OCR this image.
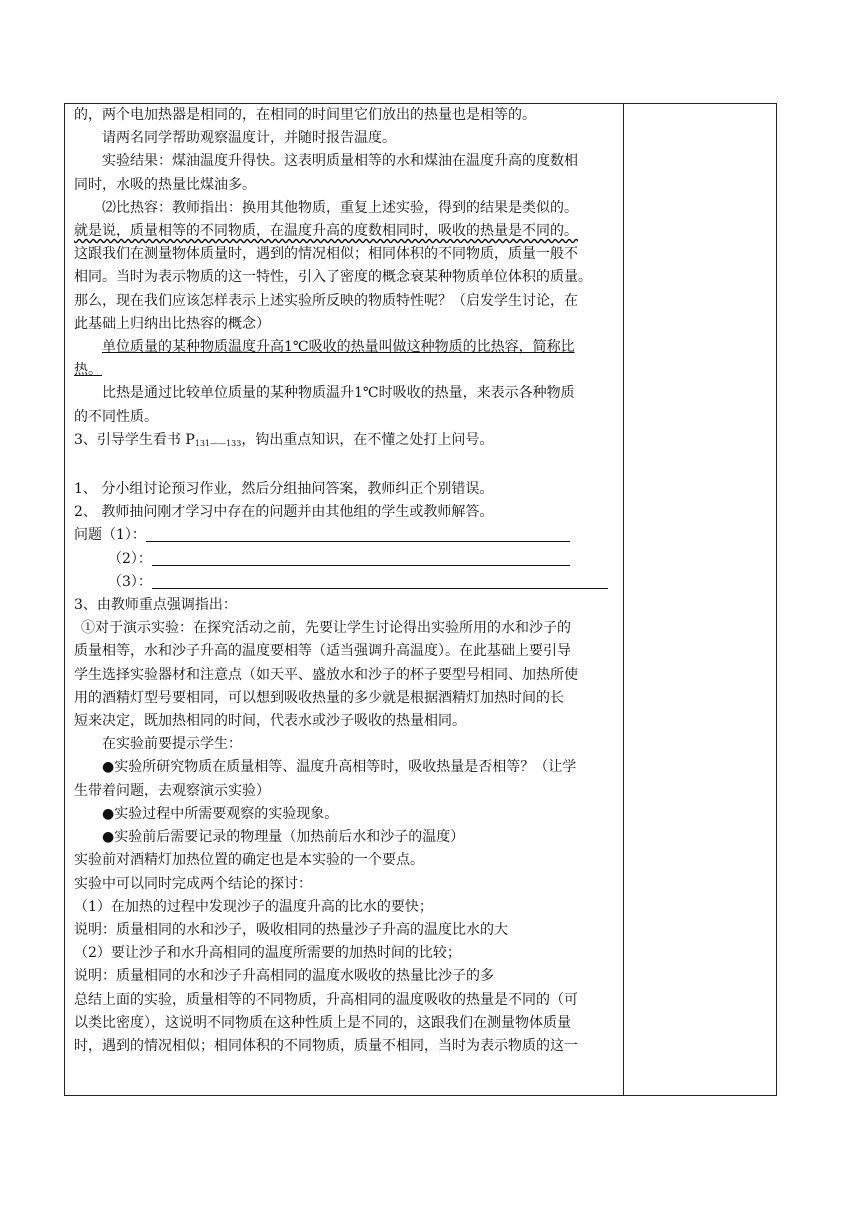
的，两个电加热器是相同的，在相同的时间里它们放出的热量也是相等的。

请两名同学帮助观察温度计，并随时报告温度。

实验结果：煤油温度升得快。这表明质量相等的水和煤油在温度升高的度数相

同时，水吸的热量比煤油多。

⑵比热容：教师指出：换用其他物质，重复上述实验，得到的结果是类似的。

就是说，质量相等的不同物质，在温度升高的度数相同时，吸收的热量是不同的。

这跟我们在测量物体质量时，遇到的情况相似；相同体积的不同物质，质量一般不

相同。当时为表示物质的这一特性，引入了密度的概念衰某种物质单位体积的质量。

那么，现在我们应该怎样表示上述实验所反映的物质特性呢？（启发学生讨论，在

此基础上归纳出比热容的概念）

单位质量的某种物质温度升高1℃吸收的热量叫做这种物质的比热容，简称比

热。

比热是通过比较单位质量的某种物质温升1℃时吸收的热量，来表示各种物质

的不同性质。

3、引导学生看书 $P_{131——133}$，钩出重点知识，在不懂之处打上问号。

1、 分小组讨论预习作业，然后分组抽问答案，教师纠正个别错误。

2、 教师抽问刚才学习中存在的问题并由其他组的学生或教师解答。

问题（1）：

（2）：

（3）：

3、由教师重点强调指出：

①对于演示实验：在探究活动之前，先要让学生讨论得出实验所用的水和沙子的

质量相等，水和沙子升高的温度要相等（适当强调升高温度）。在此基础上要引导

学生选择实验器材和注意点（如天平、盛放水和沙子的杯子要型号相同、加热所使

用的酒精灯型号要相同，可以想到吸收热量的多少就是根据酒精灯加热时间的长

短来决定，既加热相同的时间，代表水或沙子吸收的热量相同。

在实验前要提示学生：

●实验所研究物质在质量相等、温度升高相等时，吸收热量是否相等？（让学

生带着问题，去观察演示实验）

●实验过程中所需要观察的实验现象。

●实验前后需要记录的物理量（加热前后水和沙子的温度）

实验前对酒精灯加热位置的确定也是本实验的一个要点。

实验中可以同时完成两个结论的探讨：

（1）在加热的过程中发现沙子的温度升高的比水的要快；

说明：质量相同的水和沙子，吸收相同的热量沙子升高的温度比水的大

（2）要让沙子和水升高相同的温度所需要的加热时间的比较；

说明：质量相同的水和沙子升高相同的温度水吸收的热量比沙子的多

总结上面的实验，质量相等的不同物质，升高相同的温度吸收的热量是不同的（可

以类比密度），这说明不同物质在这种性质上是不同的，这跟我们在测量物体质量

时，遇到的情况相似；相同体积的不同物质，质量不相同，当时为表示物质的这一
